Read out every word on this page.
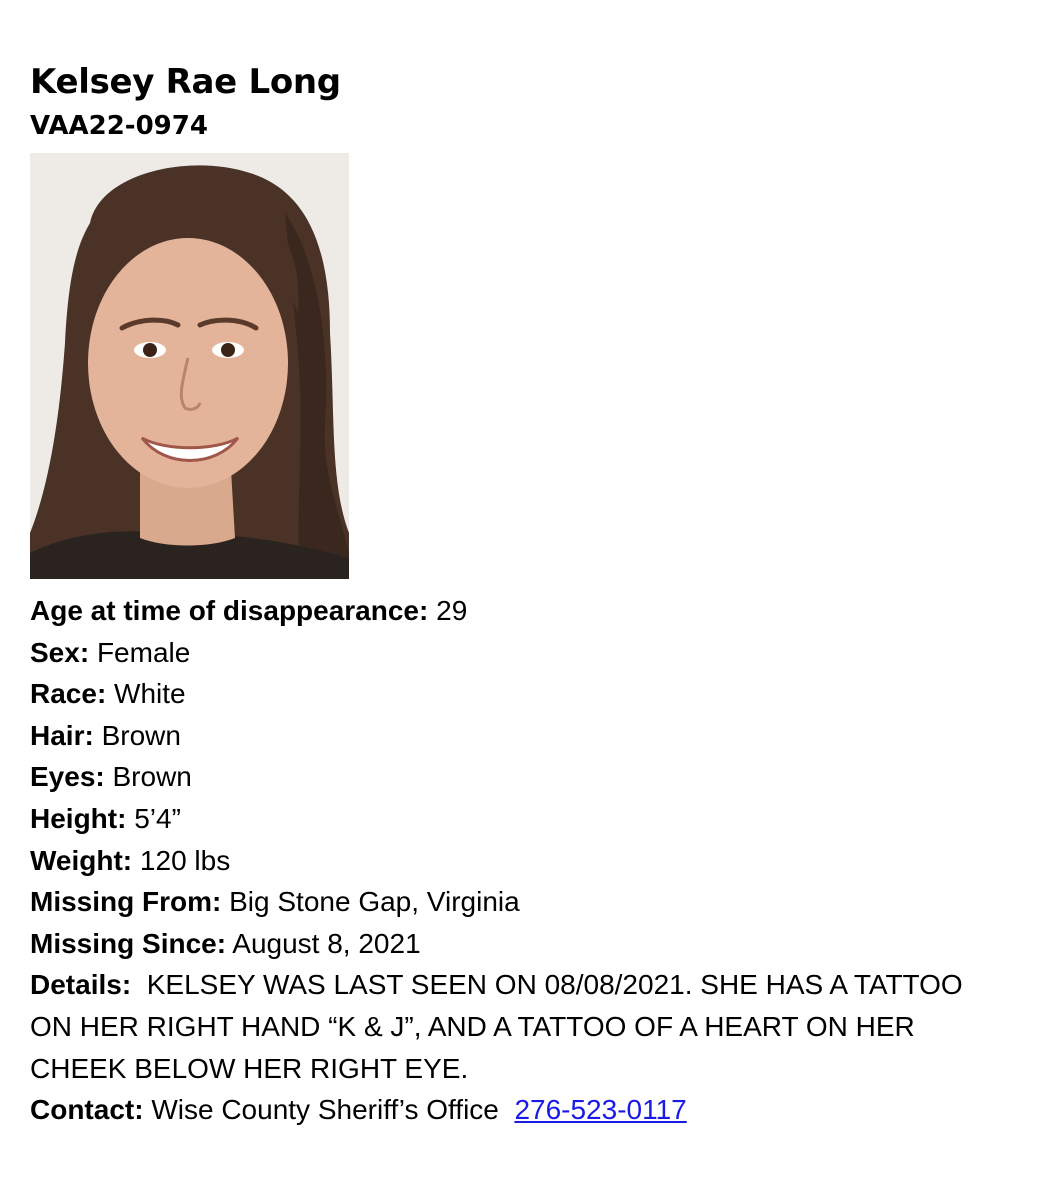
Kelsey Rae Long
VAA22-0974

Age at time of disappearance: 29

Sex: Female

Race: White

Hair: Brown

Eyes: Brown

Height: 5’4”

Weight: 120 lbs

Missing From: Big Stone Gap, Virginia

Missing Since: August 8, 2021

Details: KELSEY WAS LAST SEEN ON 08/08/2021. SHE HAS A TATTOO ON HER RIGHT HAND “K & J”, AND A TATTOO OF A HEART ON HER CHEEK BELOW HER RIGHT EYE.

Contact: Wise County Sheriff’s Office 276-523-0117
